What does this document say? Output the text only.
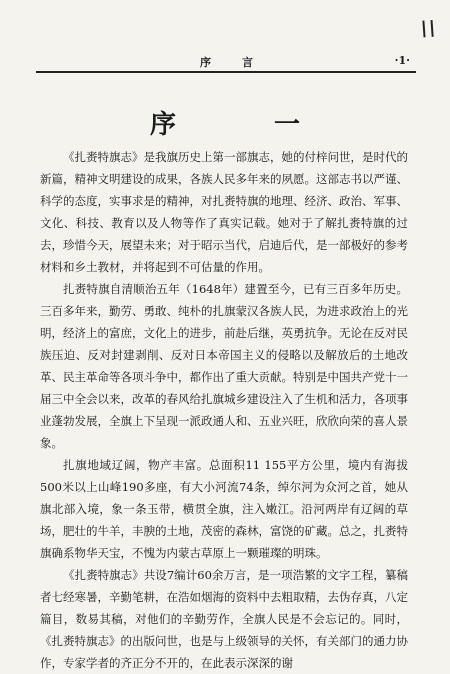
ll
序　言	·1·
序　一

《扎赉特旗志》是我旗历史上第一部旗志，她的付梓问世，是时代的新篇，精神文明建设的成果，各族人民多年来的夙愿。这部志书以严谨、科学的态度，实事求是的精神，对扎赉特旗的地理、经济、政治、军事、文化、科技、教育以及人物等作了真实记载。她对于了解扎赉特旗的过去，珍惜今天，展望未来；对于昭示当代，启迪后代，是一部极好的参考材料和乡土教材，并将起到不可估量的作用。

扎赉特旗自清顺治五年（1648年）建置至今，已有三百多年历史。三百多年来，勤劳、勇敢、纯朴的扎旗蒙汉各族人民，为进求政治上的光明，经济上的富庶，文化上的进步，前赴后继，英勇抗争。无论在反对民族压迫、反对封建剥削、反对日本帝国主义的侵略以及解放后的土地改革、民主革命等各项斗争中，都作出了重大贡献。特别是中国共产党十一届三中全会以来，改革的春风给扎旗城乡建设注入了生机和活力，各项事业蓬勃发展，全旗上下呈现一派政通人和、五业兴旺，欣欣向荣的喜人景象。

扎旗地域辽阔，物产丰富。总面积11 155平方公里，境内有海拔500米以上山峰190多座，有大小河流74条，绰尔河为众河之首，她从旗北部入境，象一条玉带，横贯全旗，注入嫩江。沿河两岸有辽阔的草场，肥壮的牛羊，丰腴的土地，茂密的森林，富饶的矿藏。总之，扎赉特旗确系物华天宝，不愧为内蒙古草原上一颗璀璨的明珠。

《扎赉特旗志》共设7编计60余万言，是一项浩繁的文字工程，纂稿者七经寒暑，辛勤笔耕，在浩如烟海的资料中去粗取精，去伪存真，八定篇目，数易其稿，对他们的辛勤劳作，全旗人民是不会忘记的。同时，《扎赉特旗志》的出版问世，也是与上级领导的关怀，有关部门的通力协作，专家学者的齐正分不开的，在此表示深深的谢
